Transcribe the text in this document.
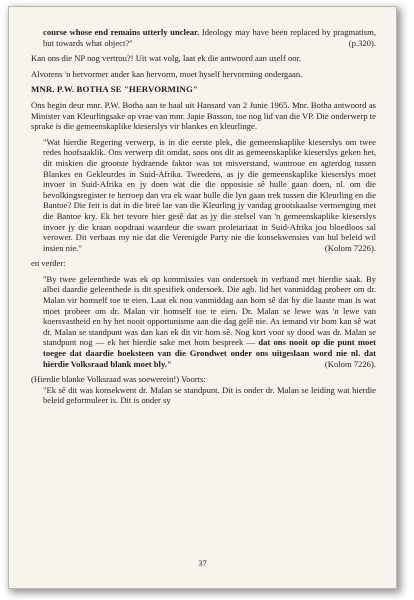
course whose end remains utterly unclear. Ideology may have been replaced by pragmatism, but towards what object?"	(p.320).

Kan ons die NP nog vertrou?! Uit wat volg, laat ek die antwoord aan uself oor.

Alvorens 'n hervormer ander kan hervorm, moet hyself hervorming ondergaan.

MNR. P.W. BOTHA SE "HERVORMING"

Ons begin deur mnr. P.W. Botha aan te haal uit Hansard van 2 Junie 1965. Mnr. Botha antwoord as Minister van Kleurlingsake op vrae van mnr. Japie Basson, toe nog lid van die VP. Die onderwerp te sprake is die gemeenskaplike kieserslys vir blankes en kleurlinge.

"Wat hierdie Regering verwerp, is in die eerste plek, die gemeenskaplike kieserslys om twee redes hoofsaaklik. Ons verwerp dit omdat, soos ons dit as gemeenskaplike kieserslys geken het, dit miskien die grootste bydraende faktor was tot misverstand, wantroue en agterdog tussen Blankes en Gekleurdes in Suid-Afrika. Tweedens, as jy die gemeenskaplike kieserslys moet invoer in Suid-Afrika en jy doen wat die die opposisie sê hulle gaan doen, nl. om die bevolkingsregister te herroep dan vra ek waar hulle die lyn gaan trek tussen die Kleurling en die Bantoe? Die feit is dat in die breë lae van die Kleurling jy vandag grootskaalse vermenging met die Bantoe kry. Ek het tevore hier gesê dat as jy die stelsel van 'n gemeenskaplike kieserslys invoer jy die kraan oopdraai waardeur die swart proletariaat in Suid-Afrika jou bloedloos sal verower. Dit verbaas my nie dat die Verenigde Party nie die konsekwensies van hul beleid wil insien nie."	(Kolom 7226).

en verder:

"By twee geleenthede was ek op kommissies van ondersoek in verband met hierdie saak. By albei daardie geleenthede is dit spesifiek ondersoek. Die agb. lid het vanmiddag probeer om dr. Malan vir homself toe te eien. Laat ek nou vanmiddag aan hom sê dat hy die laaste man is wat moet probeer om dr. Malan vir homself toe te eien. Dr. Malan se lewe was 'n lewe van koersvastheid en hy het nooit opportunisme aan die dag gelê nie. As iemand vir hom kan sê wat dr. Malan se standpunt was dan kan ek dit vir hom sê. Nog kort voor sy dood was dr. Malan se standpunt nog — ek het hierdie sake met hom bespreek — dat ons nooit op die punt moet toegee dat daardie hoeksteen van die Grondwet onder ons uitgeslaan word nie nl. dat hierdie Volksraad blank moet bly."	(Kolom 7226).

(Hierdie blanke Volksraad was soewerein!) Voorts:

"Ek sê dit was konsekwent dr. Malan se standpunt. Dit is onder dr. Malan se leiding wat hierdie beleid geformuleer is. Dit is onder sy

37
